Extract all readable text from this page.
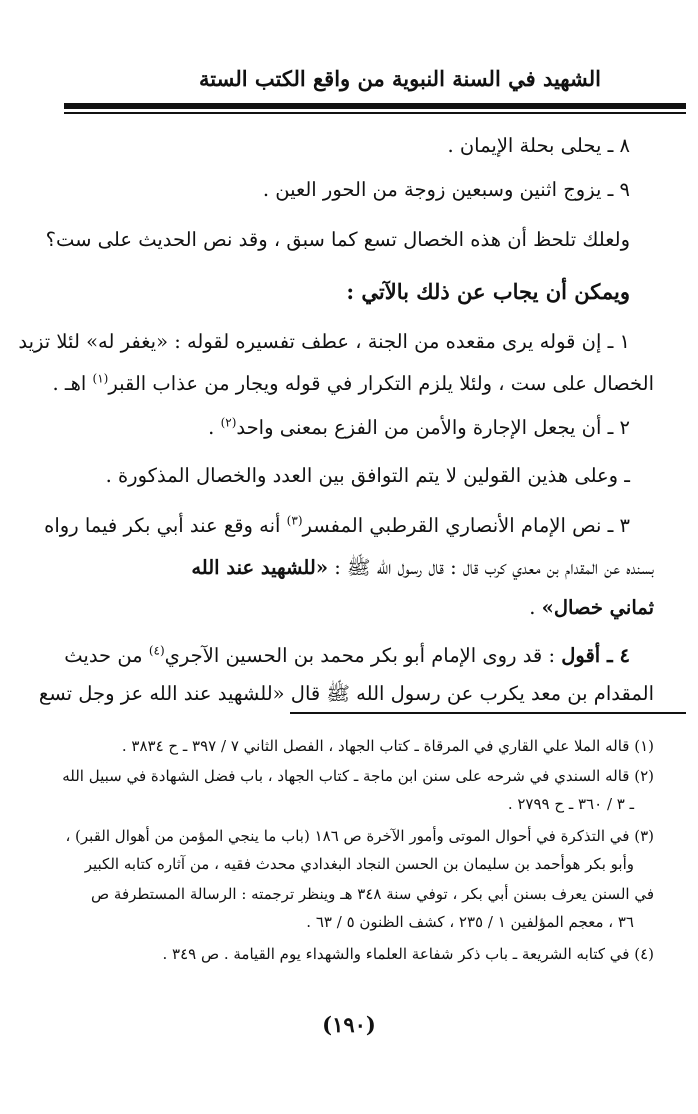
الشهيد في السنة النبوية من واقع الكتب الستة

٨ ـ يحلى بحلة الإيمان .

٩ ـ يزوج اثنين وسبعين زوجة من الحور العين .

ولعلك تلحظ أن هذه الخصال تسع كما سبق ، وقد نص الحديث على ست؟

ويمكن أن يجاب عن ذلك بالآتي :

١ ـ إن قوله يرى مقعده من الجنة ، عطف تفسيره لقوله : «يغفر له» لئلا تزيد

الخصال على ست ، ولئلا يلزم التكرار في قوله ويجار من عذاب القبر$^{(١)}$ اهـ .

٢ ـ أن يجعل الإجارة والأمن من الفزع بمعنى واحد$^{(٢)}$ .

ـ وعلى هذين القولين لا يتم التوافق بين العدد والخصال المذكورة .

٣ ـ نص الإمام الأنصاري القرطبي المفسر$^{(٣)}$ أنه وقع عند أبي بكر فيما رواه

بسنده عن المقدام بن معدي كرب قال : قال رسول الله ﷺ : «للشهيد عند الله

ثماني خصال» .

٤ ـ أقول : قد روى الإمام أبو بكر محمد بن الحسين الآجري$^{(٤)}$ من حديث

المقدام بن معد يكرب عن رسول الله ﷺ قال «للشهيد عند الله عز وجل تسع

(١) قاله الملا علي القاري في المرقاة ـ كتاب الجهاد ، الفصل الثاني ٧ / ٣٩٧ ـ ح ٣٨٣٤ .

(٢) قاله السندي في شرحه على سنن ابن ماجة ـ كتاب الجهاد ، باب فضل الشهادة في سبيل الله

ـ ٣ / ٣٦٠ ـ ح ٢٧٩٩ .

(٣) في التذكرة في أحوال الموتى وأمور الآخرة ص ١٨٦ (باب ما ينجي المؤمن من أهوال القبر) ،

وأبو بكر هوأحمد بن سليمان بن الحسن النجاد البغدادي محدث فقيه ، من آثاره كتابه الكبير

في السنن يعرف بسنن أبي بكر ، توفي سنة ٣٤٨ هـ وينظر ترجمته : الرسالة المستطرفة ص

٣٦ ، معجم المؤلفين ١ / ٢٣٥ ، كشف الظنون ٥ / ٦٣ .

(٤) في كتابه الشريعة ـ باب ذكر شفاعة العلماء والشهداء يوم القيامة . ص ٣٤٩ .

(١٩٠)
